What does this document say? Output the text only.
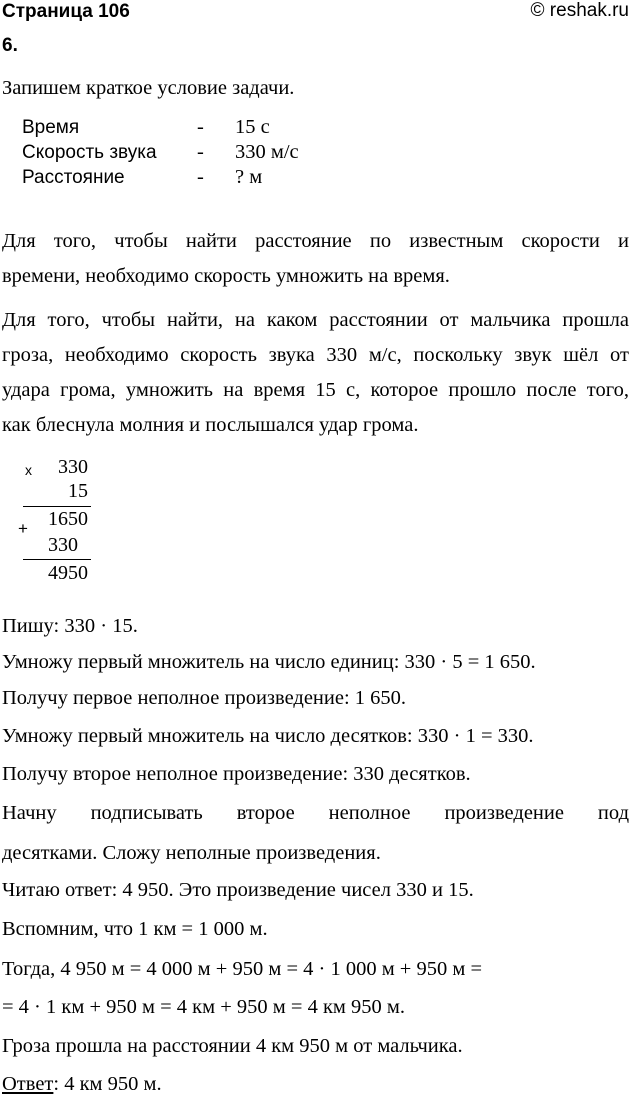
Страница 106	© reshak.ru
6.
Запишем краткое условие задачи.
Время	- 15 с
Скорость звука - 330 м/с
Расстояние	- ? м
Для того, чтобы найти расстояние по известным скорости и
времени, необходимо скорость умножить на время.
Для того, чтобы найти, на каком расстоянии от мальчика прошла
гроза, необходимо скорость звука 330 м/с, поскольку звук шёл от
удара грома, умножить на время 15 с, которое прошло после того,
как блеснула молния и послышался удар грома.
x 330
15
+ 1650
330
4950
Пишу: 330 · 15.
Умножу первый множитель на число единиц: 330 · 5 = 1 650.
Получу первое неполное произведение: 1 650.
Умножу первый множитель на число десятков: 330 · 1 = 330.
Получу второе неполное произведение: 330 десятков.
Начну подписывать второе неполное произведение под
десятками. Сложу неполные произведения.
Читаю ответ: 4 950. Это произведение чисел 330 и 15.
Вспомним, что 1 км = 1 000 м.
Тогда, 4 950 м = 4 000 м + 950 м = 4 · 1 000 м + 950 м =
= 4 · 1 км + 950 м = 4 км + 950 м = 4 км 950 м.
Гроза прошла на расстоянии 4 км 950 м от мальчика.
Ответ: 4 км 950 м.
